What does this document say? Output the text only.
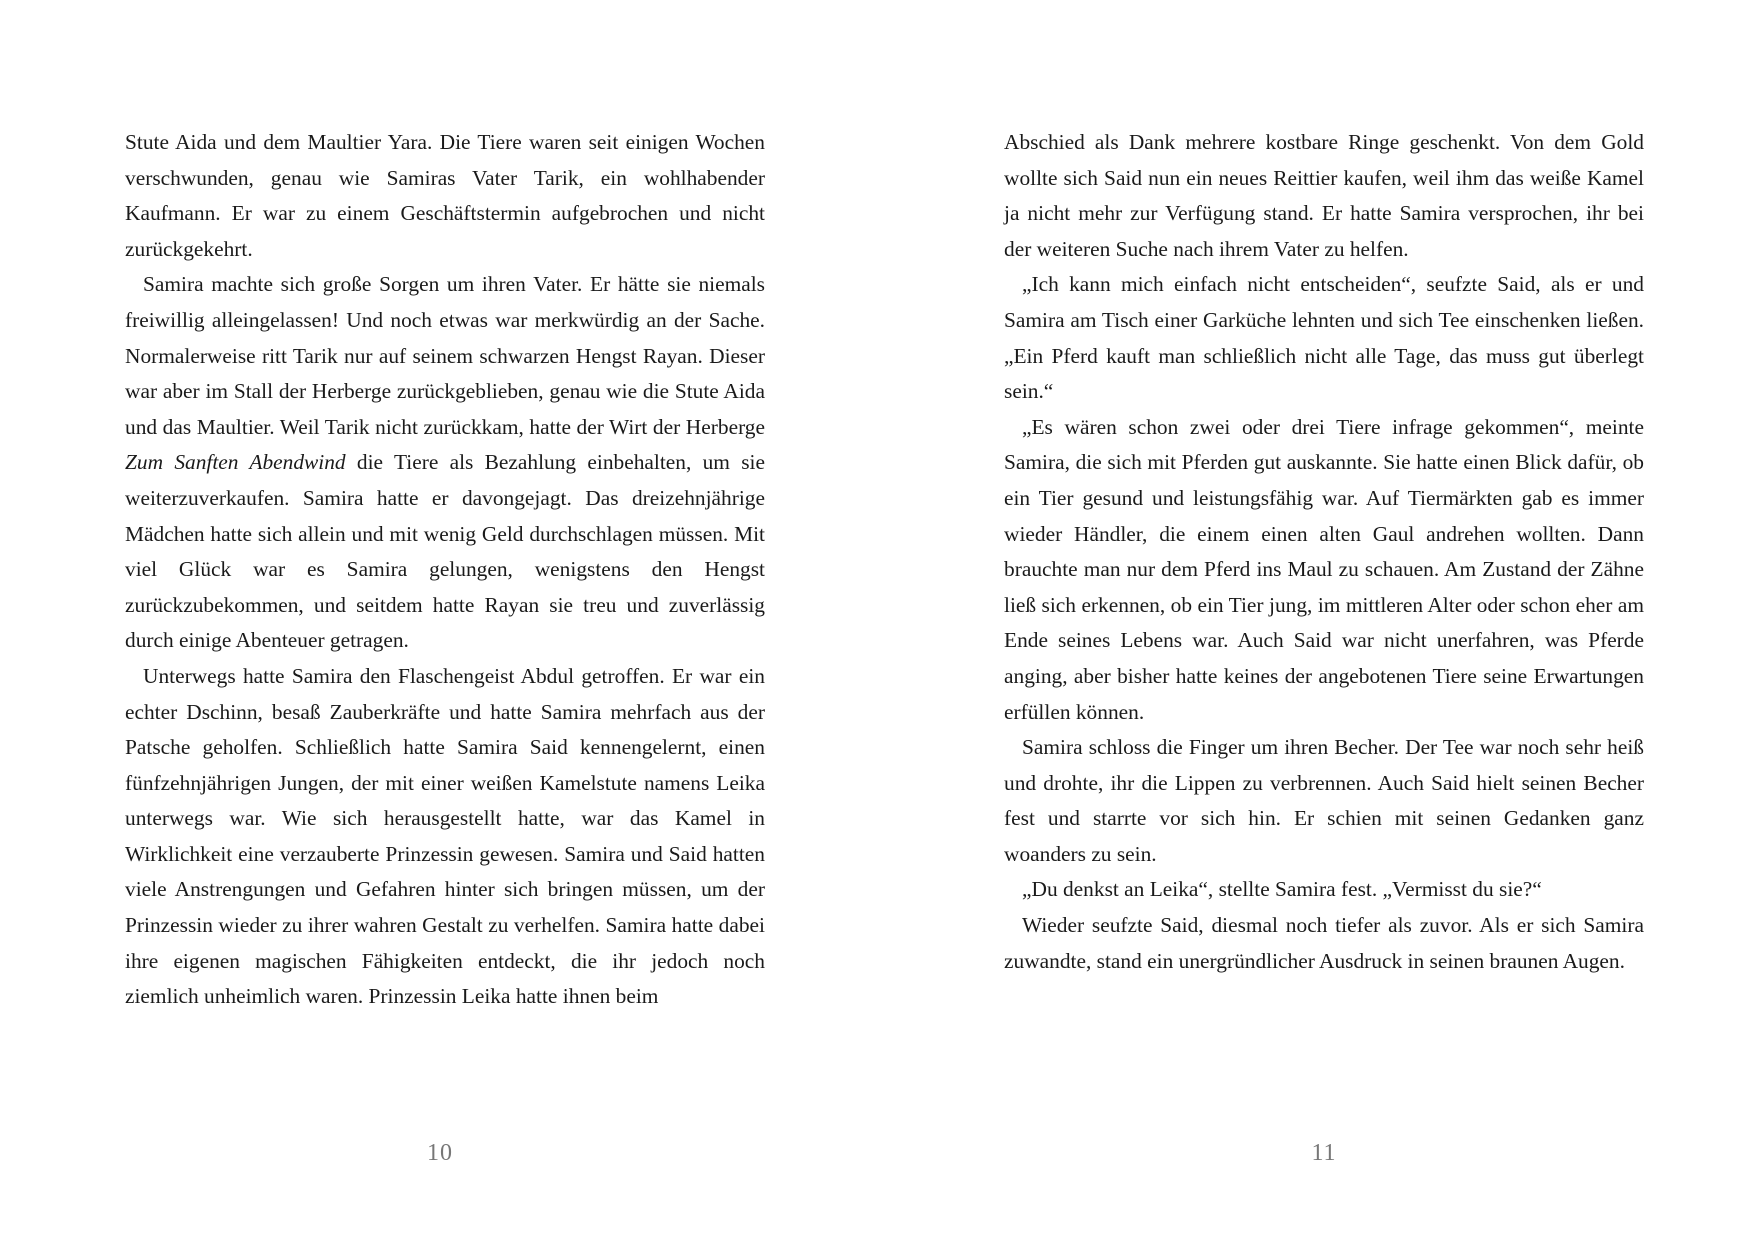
Stute Aida und dem Maultier Yara. Die Tiere waren seit einigen Wochen verschwunden, genau wie Samiras Vater Tarik, ein wohlhabender Kaufmann. Er war zu einem Geschäftstermin aufgebrochen und nicht zurückgekehrt.

Samira machte sich große Sorgen um ihren Vater. Er hätte sie niemals freiwillig alleingelassen! Und noch etwas war merkwürdig an der Sache. Normalerweise ritt Tarik nur auf seinem schwarzen Hengst Rayan. Dieser war aber im Stall der Herberge zurückgeblieben, genau wie die Stute Aida und das Maultier. Weil Tarik nicht zurückkam, hatte der Wirt der Herberge Zum Sanften Abendwind die Tiere als Bezahlung einbehalten, um sie weiterzuverkaufen. Samira hatte er davongejagt. Das dreizehnjährige Mädchen hatte sich allein und mit wenig Geld durchschlagen müssen. Mit viel Glück war es Samira gelungen, wenigstens den Hengst zurückzubekommen, und seitdem hatte Rayan sie treu und zuverlässig durch einige Abenteuer getragen.

Unterwegs hatte Samira den Flaschengeist Abdul getroffen. Er war ein echter Dschinn, besaß Zauberkräfte und hatte Samira mehrfach aus der Patsche geholfen. Schließlich hatte Samira Said kennengelernt, einen fünfzehnjährigen Jungen, der mit einer weißen Kamelstute namens Leika unterwegs war. Wie sich herausgestellt hatte, war das Kamel in Wirklichkeit eine verzauberte Prinzessin gewesen. Samira und Said hatten viele Anstrengungen und Gefahren hinter sich bringen müssen, um der Prinzessin wieder zu ihrer wahren Gestalt zu verhelfen. Samira hatte dabei ihre eigenen magischen Fähigkeiten entdeckt, die ihr jedoch noch ziemlich unheimlich waren. Prinzessin Leika hatte ihnen beim

10

Abschied als Dank mehrere kostbare Ringe geschenkt. Von dem Gold wollte sich Said nun ein neues Reittier kaufen, weil ihm das weiße Kamel ja nicht mehr zur Verfügung stand. Er hatte Samira versprochen, ihr bei der weiteren Suche nach ihrem Vater zu helfen.

„Ich kann mich einfach nicht entscheiden“, seufzte Said, als er und Samira am Tisch einer Garküche lehnten und sich Tee einschenken ließen. „Ein Pferd kauft man schließlich nicht alle Tage, das muss gut überlegt sein.“

„Es wären schon zwei oder drei Tiere infrage gekommen“, meinte Samira, die sich mit Pferden gut auskannte. Sie hatte einen Blick dafür, ob ein Tier gesund und leistungsfähig war. Auf Tiermärkten gab es immer wieder Händler, die einem einen alten Gaul andrehen wollten. Dann brauchte man nur dem Pferd ins Maul zu schauen. Am Zustand der Zähne ließ sich erkennen, ob ein Tier jung, im mittleren Alter oder schon eher am Ende seines Lebens war. Auch Said war nicht unerfahren, was Pferde anging, aber bisher hatte keines der angebotenen Tiere seine Erwartungen erfüllen können.

Samira schloss die Finger um ihren Becher. Der Tee war noch sehr heiß und drohte, ihr die Lippen zu verbrennen. Auch Said hielt seinen Becher fest und starrte vor sich hin. Er schien mit seinen Gedanken ganz woanders zu sein.

„Du denkst an Leika“, stellte Samira fest. „Vermisst du sie?“

Wieder seufzte Said, diesmal noch tiefer als zuvor. Als er sich Samira zuwandte, stand ein unergründlicher Ausdruck in seinen braunen Augen.

11
